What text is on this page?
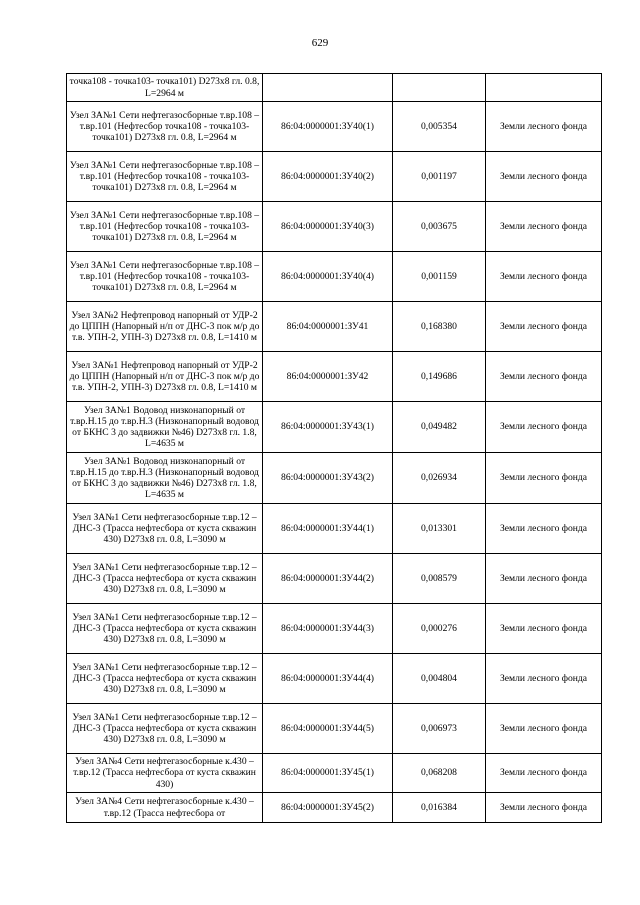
629
точка108 - точка103- точка101) D273х8 гл. 0.8, L=2964 м			
Узел ЗА№1 Сети нефтегазосборные т.вр.108 – т.вр.101 (Нефтесбор точка108 - точка103- точка101) D273х8 гл. 0.8, L=2964 м	86:04:0000001:ЗУ40(1)	0,005354	Земли лесного фонда
Узел ЗА№1 Сети нефтегазосборные т.вр.108 – т.вр.101 (Нефтесбор точка108 - точка103- точка101) D273х8 гл. 0.8, L=2964 м	86:04:0000001:ЗУ40(2)	0,001197	Земли лесного фонда
Узел ЗА№1 Сети нефтегазосборные т.вр.108 – т.вр.101 (Нефтесбор точка108 - точка103- точка101) D273х8 гл. 0.8, L=2964 м	86:04:0000001:ЗУ40(3)	0,003675	Земли лесного фонда
Узел ЗА№1 Сети нефтегазосборные т.вр.108 – т.вр.101 (Нефтесбор точка108 - точка103- точка101) D273х8 гл. 0.8, L=2964 м	86:04:0000001:ЗУ40(4)	0,001159	Земли лесного фонда
Узел ЗА№2 Нефтепровод напорный от УДР-2 до ЦППН (Напорный н/п от ДНС-3 пок м/р до т.в. УПН-2, УПН-3) D273х8 гл. 0.8, L=1410 м	86:04:0000001:ЗУ41	0,168380	Земли лесного фонда
Узел ЗА№1 Нефтепровод напорный от УДР-2 до ЦППН (Напорный н/п от ДНС-3 пок м/р до т.в. УПН-2, УПН-3) D273х8 гл. 0.8, L=1410 м	86:04:0000001:ЗУ42	0,149686	Земли лесного фонда
Узел ЗА№1 Водовод низконапорный от т.вр.Н.15 до т.вр.Н.3 (Низконапорный водовод от БКНС 3 до задвижки №46) D273х8 гл. 1.8, L=4635 м	86:04:0000001:ЗУ43(1)	0,049482	Земли лесного фонда
Узел ЗА№1 Водовод низконапорный от т.вр.Н.15 до т.вр.Н.3 (Низконапорный водовод от БКНС 3 до задвижки №46) D273х8 гл. 1.8, L=4635 м	86:04:0000001:ЗУ43(2)	0,026934	Земли лесного фонда
Узел ЗА№1 Сети нефтегазосборные т.вр.12 – ДНС-3 (Трасса нефтесбора от куста скважин 430) D273х8 гл. 0.8, L=3090 м	86:04:0000001:ЗУ44(1)	0,013301	Земли лесного фонда
Узел ЗА№1 Сети нефтегазосборные т.вр.12 – ДНС-3 (Трасса нефтесбора от куста скважин 430) D273х8 гл. 0.8, L=3090 м	86:04:0000001:ЗУ44(2)	0,008579	Земли лесного фонда
Узел ЗА№1 Сети нефтегазосборные т.вр.12 – ДНС-3 (Трасса нефтесбора от куста скважин 430) D273х8 гл. 0.8, L=3090 м	86:04:0000001:ЗУ44(3)	0,000276	Земли лесного фонда
Узел ЗА№1 Сети нефтегазосборные т.вр.12 – ДНС-3 (Трасса нефтесбора от куста скважин 430) D273х8 гл. 0.8, L=3090 м	86:04:0000001:ЗУ44(4)	0,004804	Земли лесного фонда
Узел ЗА№1 Сети нефтегазосборные т.вр.12 – ДНС-3 (Трасса нефтесбора от куста скважин 430) D273х8 гл. 0.8, L=3090 м	86:04:0000001:ЗУ44(5)	0,006973	Земли лесного фонда
Узел ЗА№4 Сети нефтегазосборные к.430 – т.вр.12 (Трасса нефтесбора от куста скважин 430)	86:04:0000001:ЗУ45(1)	0,068208	Земли лесного фонда
Узел ЗА№4 Сети нефтегазосборные к.430 – т.вр.12 (Трасса нефтесбора от	86:04:0000001:ЗУ45(2)	0,016384	Земли лесного фонда
